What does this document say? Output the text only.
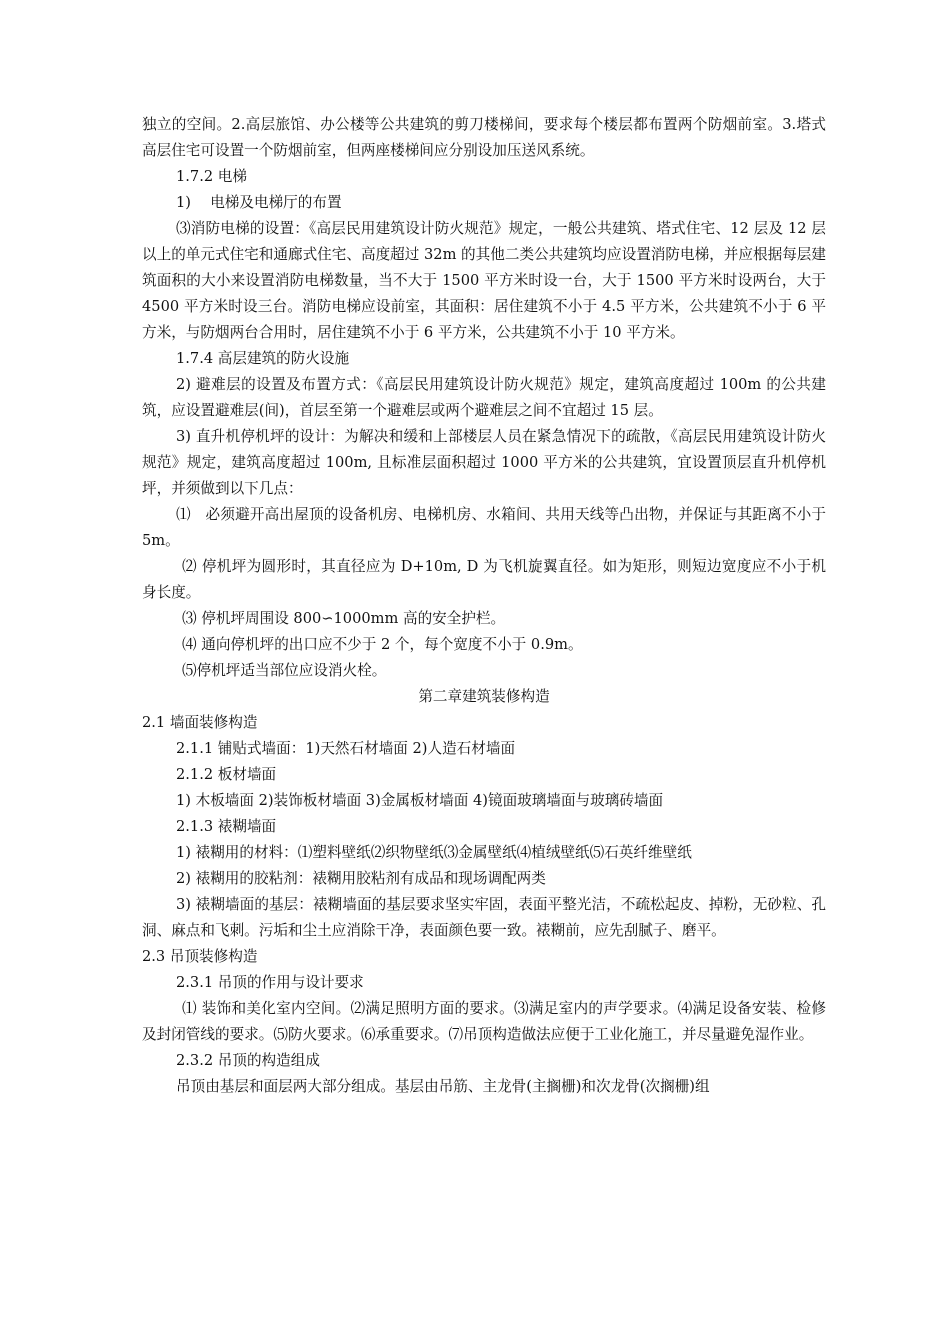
独立的空间。2.高层旅馆、办公楼等公共建筑的剪刀楼梯间，要求每个楼层都布置两个防烟前室。3.塔式高层住宅可设置一个防烟前室，但两座楼梯间应分别设加压送风系统。

1.7.2 电梯

1)　 电梯及电梯厅的布置

⑶消防电梯的设置：《高层民用建筑设计防火规范》规定，一般公共建筑、塔式住宅、12 层及 12 层以上的单元式住宅和通廊式住宅、高度超过 32m 的其他二类公共建筑均应设置消防电梯，并应根据每层建筑面积的大小来设置消防电梯数量，当不大于 1500 平方米时设一台，大于 1500 平方米时设两台，大于 4500 平方米时设三台。消防电梯应设前室，其面积：居住建筑不小于 4.5 平方米，公共建筑不小于 6 平方米，与防烟两台合用时，居住建筑不小于 6 平方米，公共建筑不小于 10 平方米。

1.7.4 高层建筑的防火设施

2) 避难层的设置及布置方式：《高层民用建筑设计防火规范》规定，建筑高度超过 100m 的公共建筑，应设置避难层(间)，首层至第一个避难层或两个避难层之间不宜超过 15 层。

3) 直升机停机坪的设计：为解决和缓和上部楼层人员在紧急情况下的疏散，《高层民用建筑设计防火规范》规定，建筑高度超过 100m, 且标准层面积超过 1000 平方米的公共建筑，宜设置顶层直升机停机坪，并须做到以下几点：

⑴　必须避开高出屋顶的设备机房、电梯机房、水箱间、共用天线等凸出物，并保证与其距离不小于 5m。

⑵ 停机坪为圆形时，其直径应为 D+10m, D 为飞机旋翼直径。如为矩形，则短边宽度应不小于机身长度。

⑶ 停机坪周围设 800∽1000mm 高的安全护栏。

⑷ 通向停机坪的出口应不少于 2 个，每个宽度不小于 0.9m。

⑸停机坪适当部位应设消火栓。

第二章建筑装修构造

2.1 墙面装修构造

2.1.1 铺贴式墙面：1)天然石材墙面 2)人造石材墙面

2.1.2 板材墙面

1) 木板墙面 2)装饰板材墙面 3)金属板材墙面 4)镜面玻璃墙面与玻璃砖墙面

2.1.3 裱糊墙面

1) 裱糊用的材料：⑴塑料壁纸⑵织物壁纸⑶金属壁纸⑷植绒壁纸⑸石英纤维壁纸

2) 裱糊用的胶粘剂：裱糊用胶粘剂有成品和现场调配两类

3) 裱糊墙面的基层：裱糊墙面的基层要求坚实牢固，表面平整光洁，不疏松起皮、掉粉，无砂粒、孔洞、麻点和飞刺。污垢和尘土应消除干净，表面颜色要一致。裱糊前，应先刮腻子、磨平。

2.3 吊顶装修构造

2.3.1 吊顶的作用与设计要求

⑴ 装饰和美化室内空间。⑵满足照明方面的要求。⑶满足室内的声学要求。⑷满足设备安装、检修及封闭管线的要求。⑸防火要求。⑹承重要求。⑺吊顶构造做法应便于工业化施工，并尽量避免湿作业。

2.3.2 吊顶的构造组成

吊顶由基层和面层两大部分组成。基层由吊筋、主龙骨(主搁栅)和次龙骨(次搁栅)组
